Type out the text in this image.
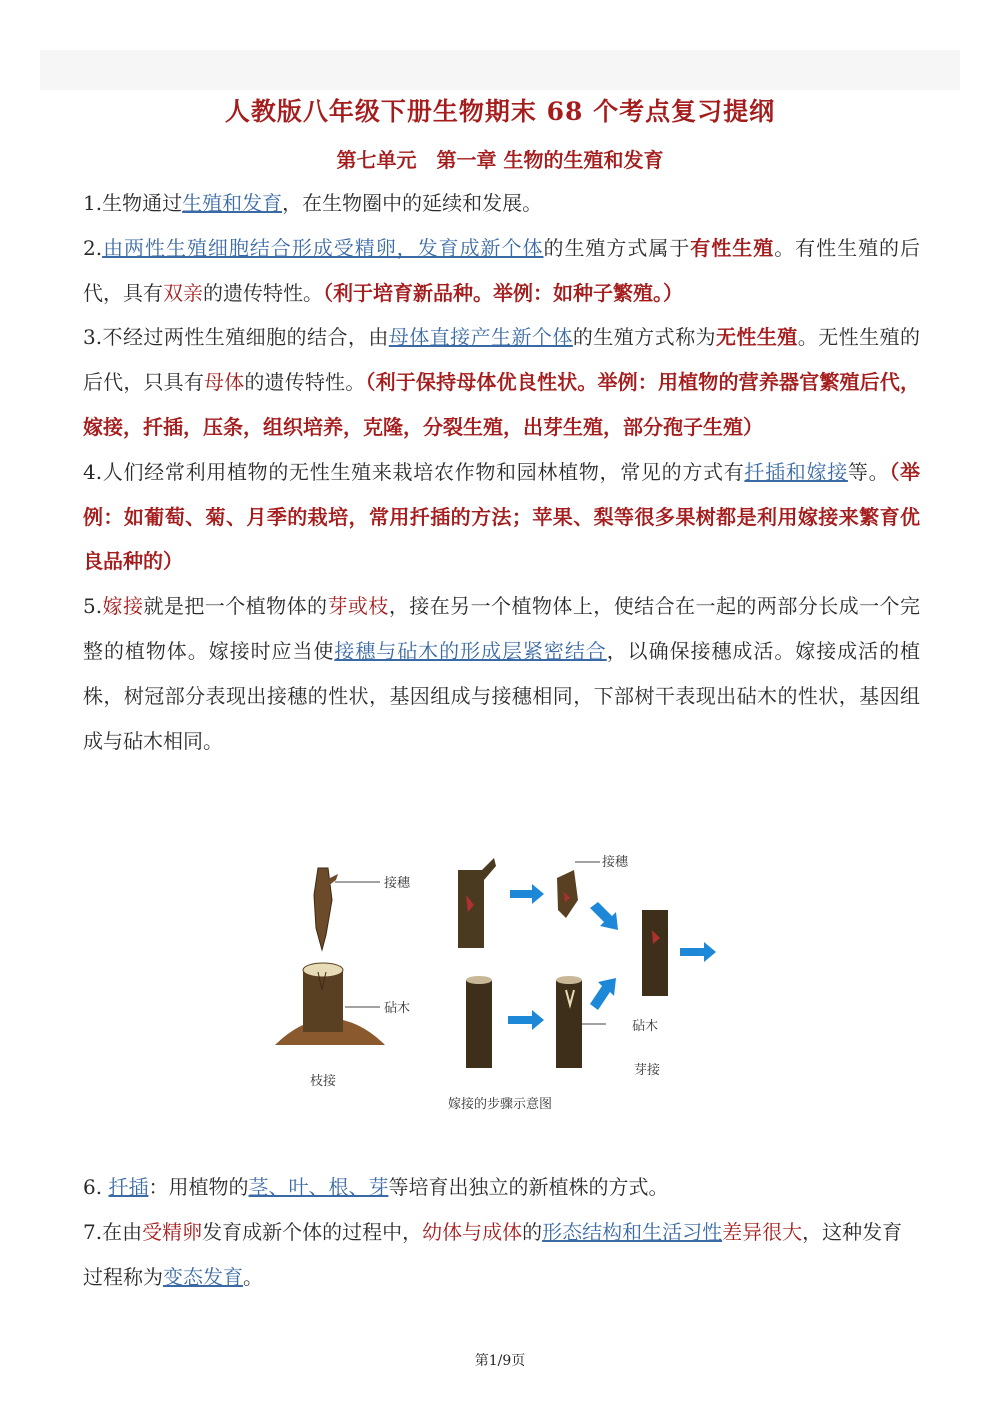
人教版八年级下册生物期末 68 个考点复习提纲
第七单元　第一章 生物的生殖和发育

1.生物通过生殖和发育，在生物圈中的延续和发展。

2.由两性生殖细胞结合形成受精卵，发育成新个体的生殖方式属于有性生殖。有性生殖的后代，具有双亲的遗传特性。（利于培育新品种。举例：如种子繁殖。）

3.不经过两性生殖细胞的结合，由母体直接产生新个体的生殖方式称为无性生殖。无性生殖的后代，只具有母体的遗传特性。（利于保持母体优良性状。举例：用植物的营养器官繁殖后代，嫁接，扦插，压条，组织培养，克隆，分裂生殖，出芽生殖，部分孢子生殖）

4.人们经常利用植物的无性生殖来栽培农作物和园林植物，常见的方式有扦插和嫁接等。（举例：如葡萄、菊、月季的栽培，常用扦插的方法；苹果、梨等很多果树都是利用嫁接来繁育优良品种的）

5.嫁接就是把一个植物体的芽或枝，接在另一个植物体上，使结合在一起的两部分长成一个完整的植物体。嫁接时应当使接穗与砧木的形成层紧密结合，以确保接穗成活。嫁接成活的植株，树冠部分表现出接穗的性状，基因组成与接穗相同，下部树干表现出砧木的性状，基因组成与砧木相同。

接穗
砧木
枝接
接穗
砧木
芽接
嫁接的步骤示意图

6. 扦插：用植物的茎、叶、根、芽等培育出独立的新植株的方式。

7.在由受精卵发育成新个体的过程中，幼体与成体的形态结构和生活习性差异很大，这种发育过程称为变态发育。

第1/9页
